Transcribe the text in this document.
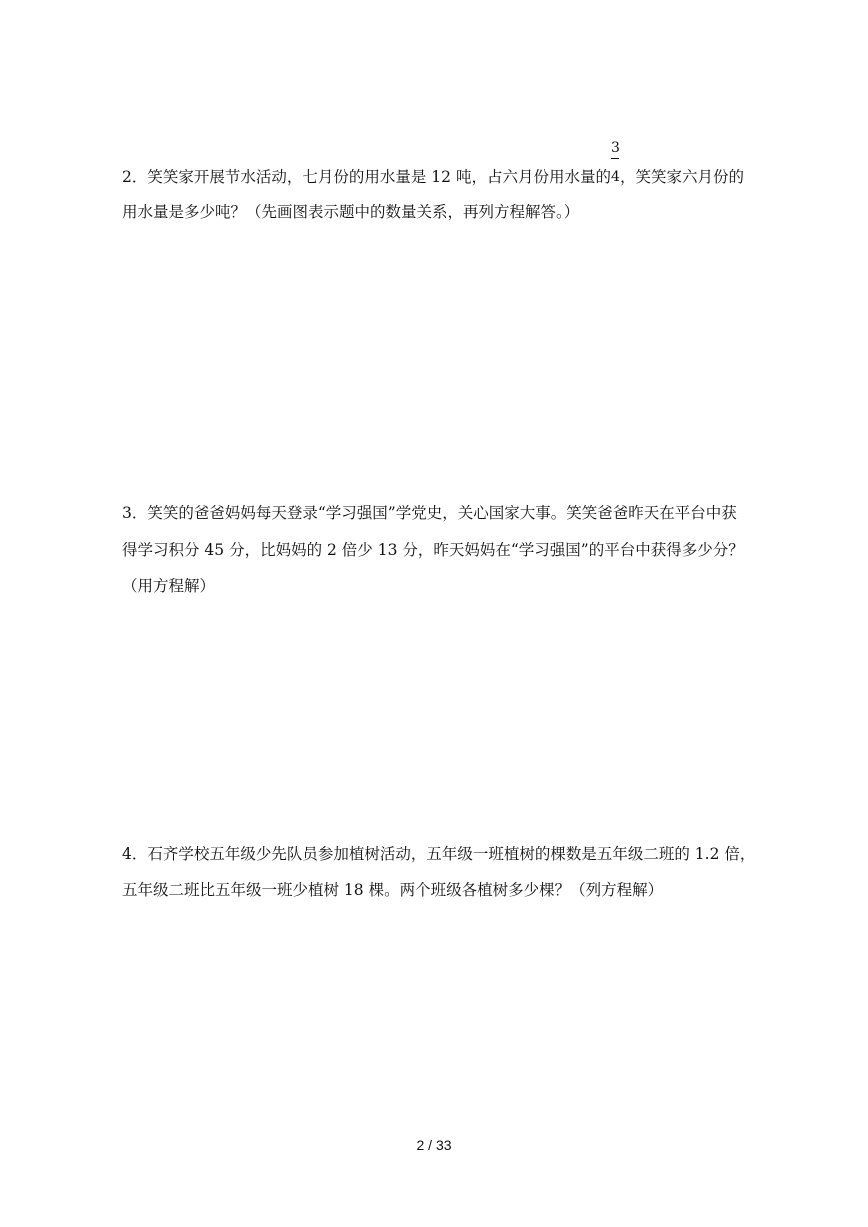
2．笑笑家开展节水活动，七月份的用水量是 12 吨，占六月份用水量的 $\frac{3}{4}$ ，笑笑家六月份的
用水量是多少吨？（先画图表示题中的数量关系，再列方程解答。）
3．笑笑的爸爸妈妈每天登录“学习强国”学党史，关心国家大事。笑笑爸爸昨天在平台中获
得学习积分 45 分，比妈妈的 2 倍少 13 分，昨天妈妈在“学习强国”的平台中获得多少分？
（用方程解）
4．石齐学校五年级少先队员参加植树活动，五年级一班植树的棵数是五年级二班的 1.2 倍，
五年级二班比五年级一班少植树 18 棵。两个班级各植树多少棵？（列方程解）
2 / 33
